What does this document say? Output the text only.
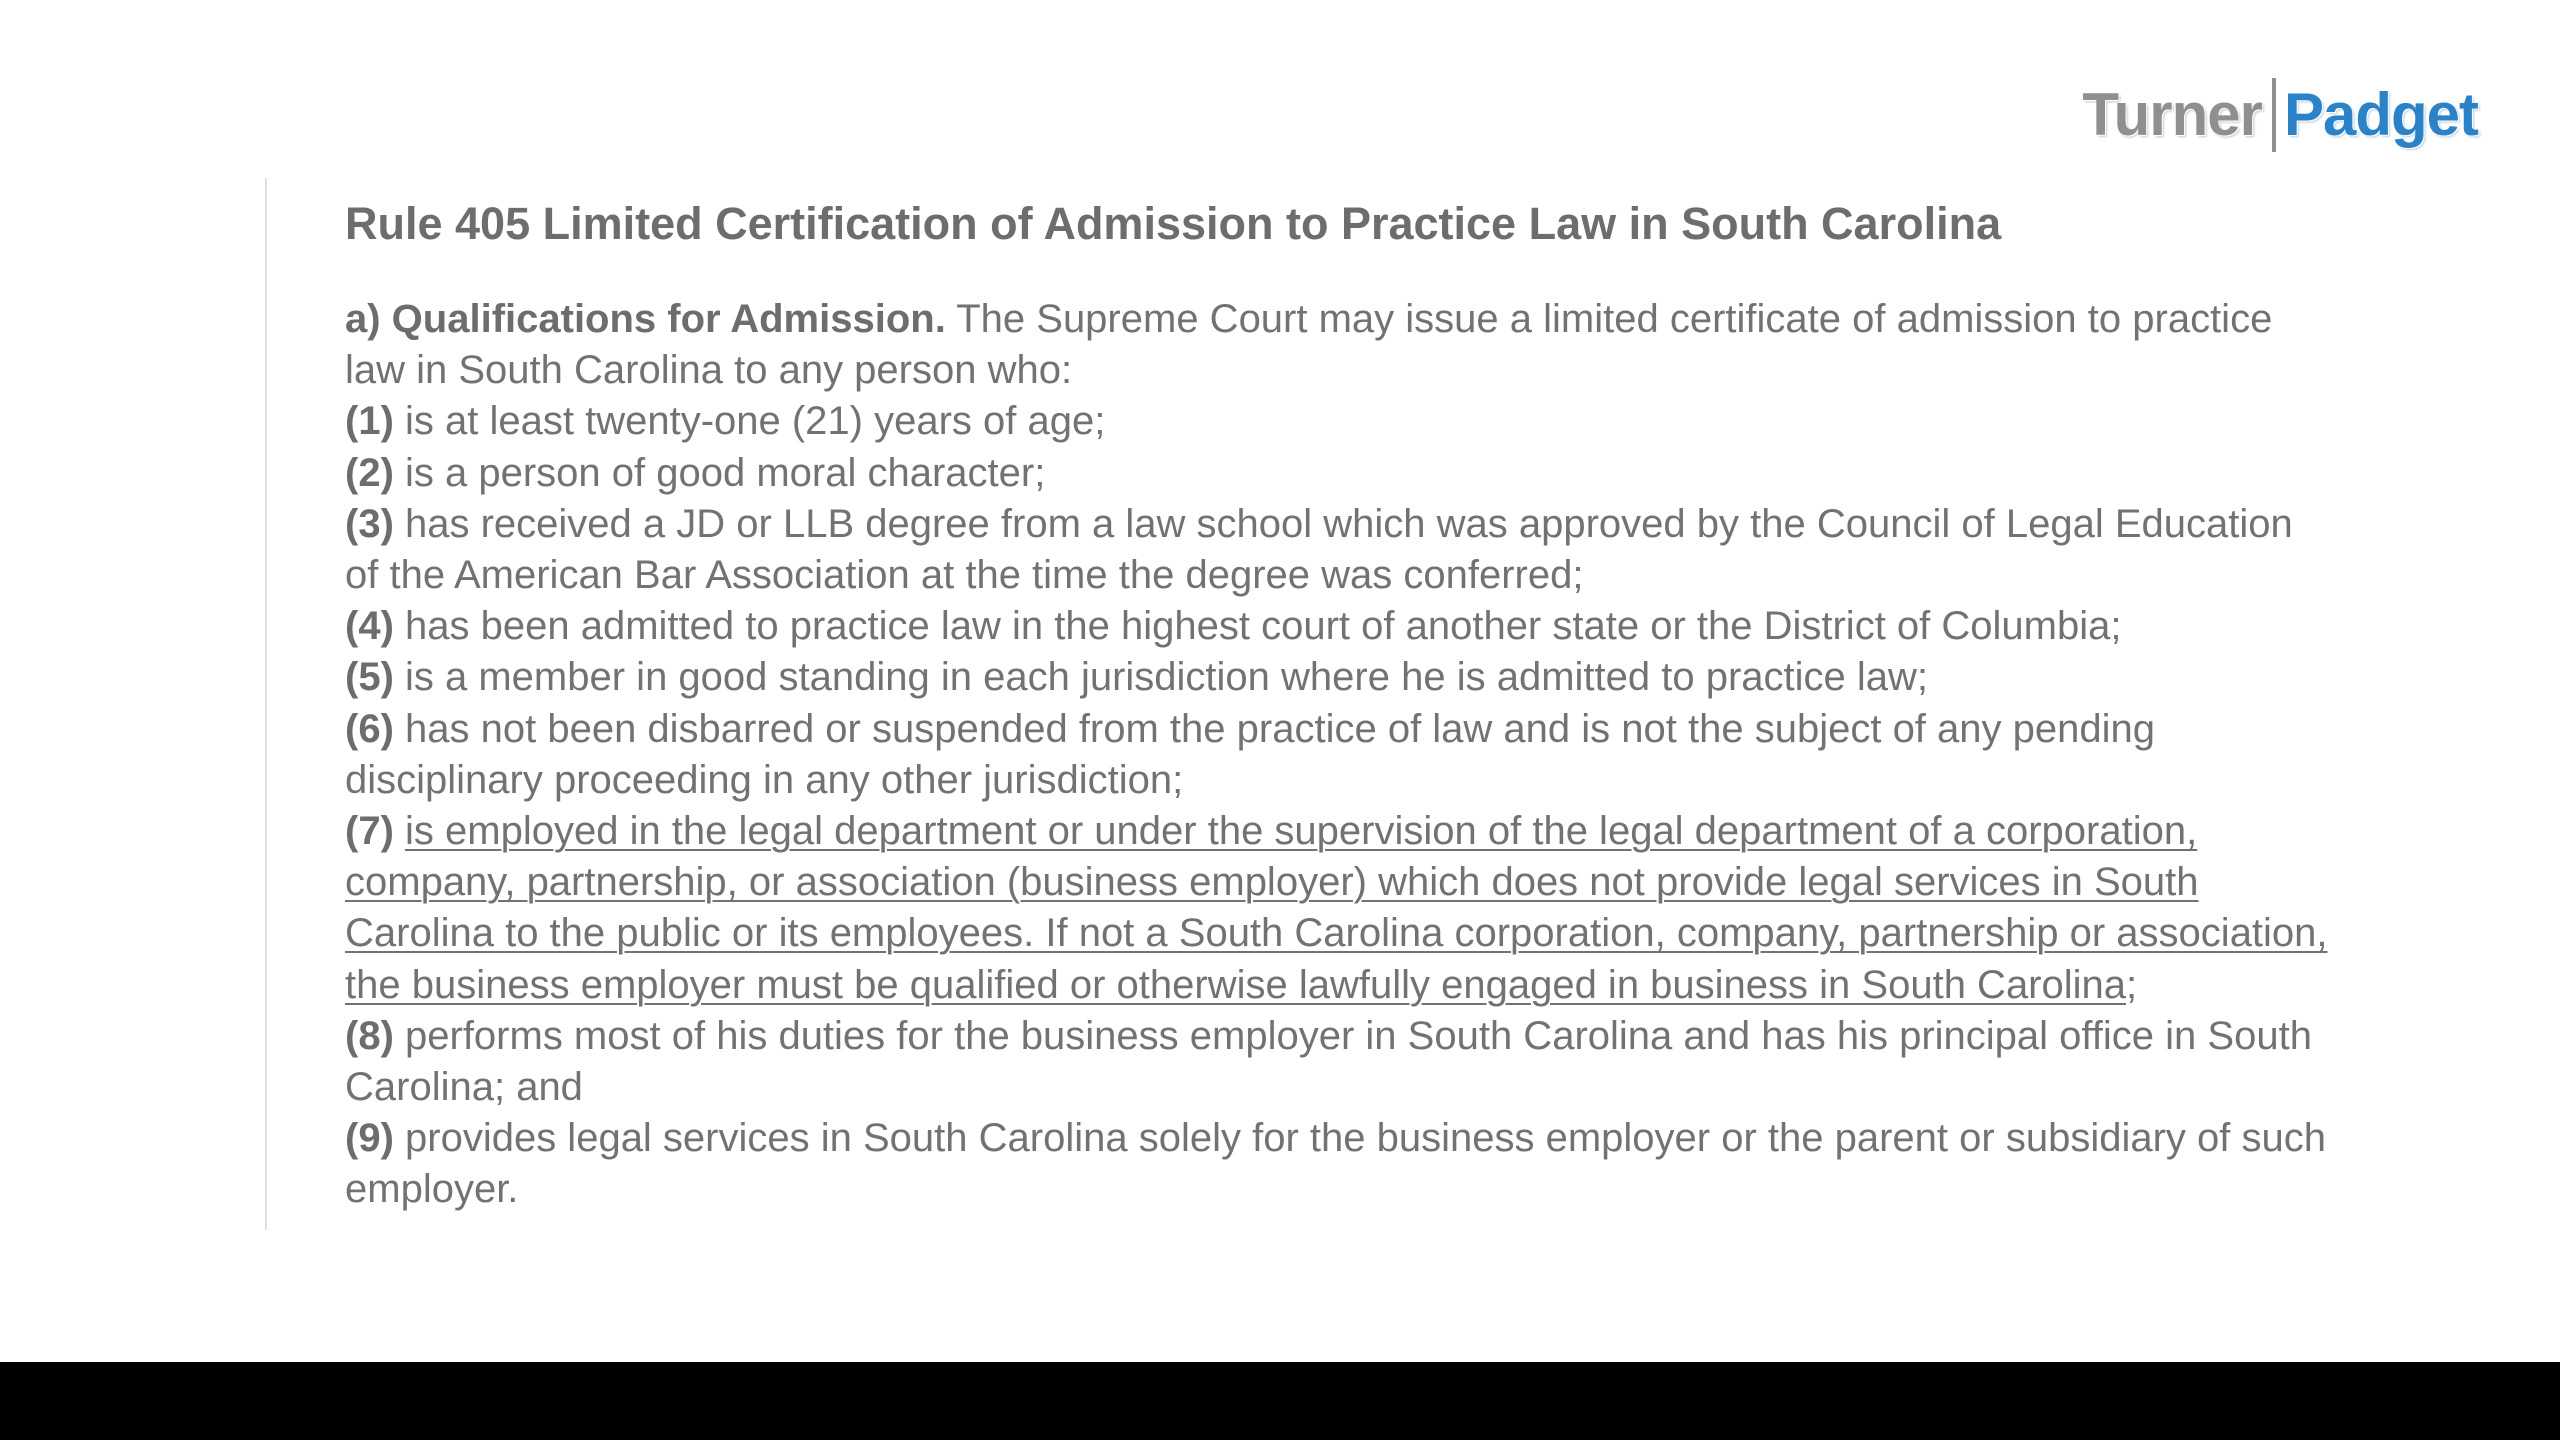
Turner Padget
Rule 405 Limited Certification of Admission to Practice Law in South Carolina

a) Qualifications for Admission. The Supreme Court may issue a limited certificate of admission to practice law in South Carolina to any person who:

(1) is at least twenty-one (21) years of age;

(2) is a person of good moral character;

(3) has received a JD or LLB degree from a law school which was approved by the Council of Legal Education of the American Bar Association at the time the degree was conferred;

(4) has been admitted to practice law in the highest court of another state or the District of Columbia;

(5) is a member in good standing in each jurisdiction where he is admitted to practice law;

(6) has not been disbarred or suspended from the practice of law and is not the subject of any pending disciplinary proceeding in any other jurisdiction;

(7) is employed in the legal department or under the supervision of the legal department of a corporation, company, partnership, or association (business employer) which does not provide legal services in South Carolina to the public or its employees. If not a South Carolina corporation, company, partnership or association, the business employer must be qualified or otherwise lawfully engaged in business in South Carolina;

(8) performs most of his duties for the business employer in South Carolina and has his principal office in South Carolina; and

(9) provides legal services in South Carolina solely for the business employer or the parent or subsidiary of such employer.
